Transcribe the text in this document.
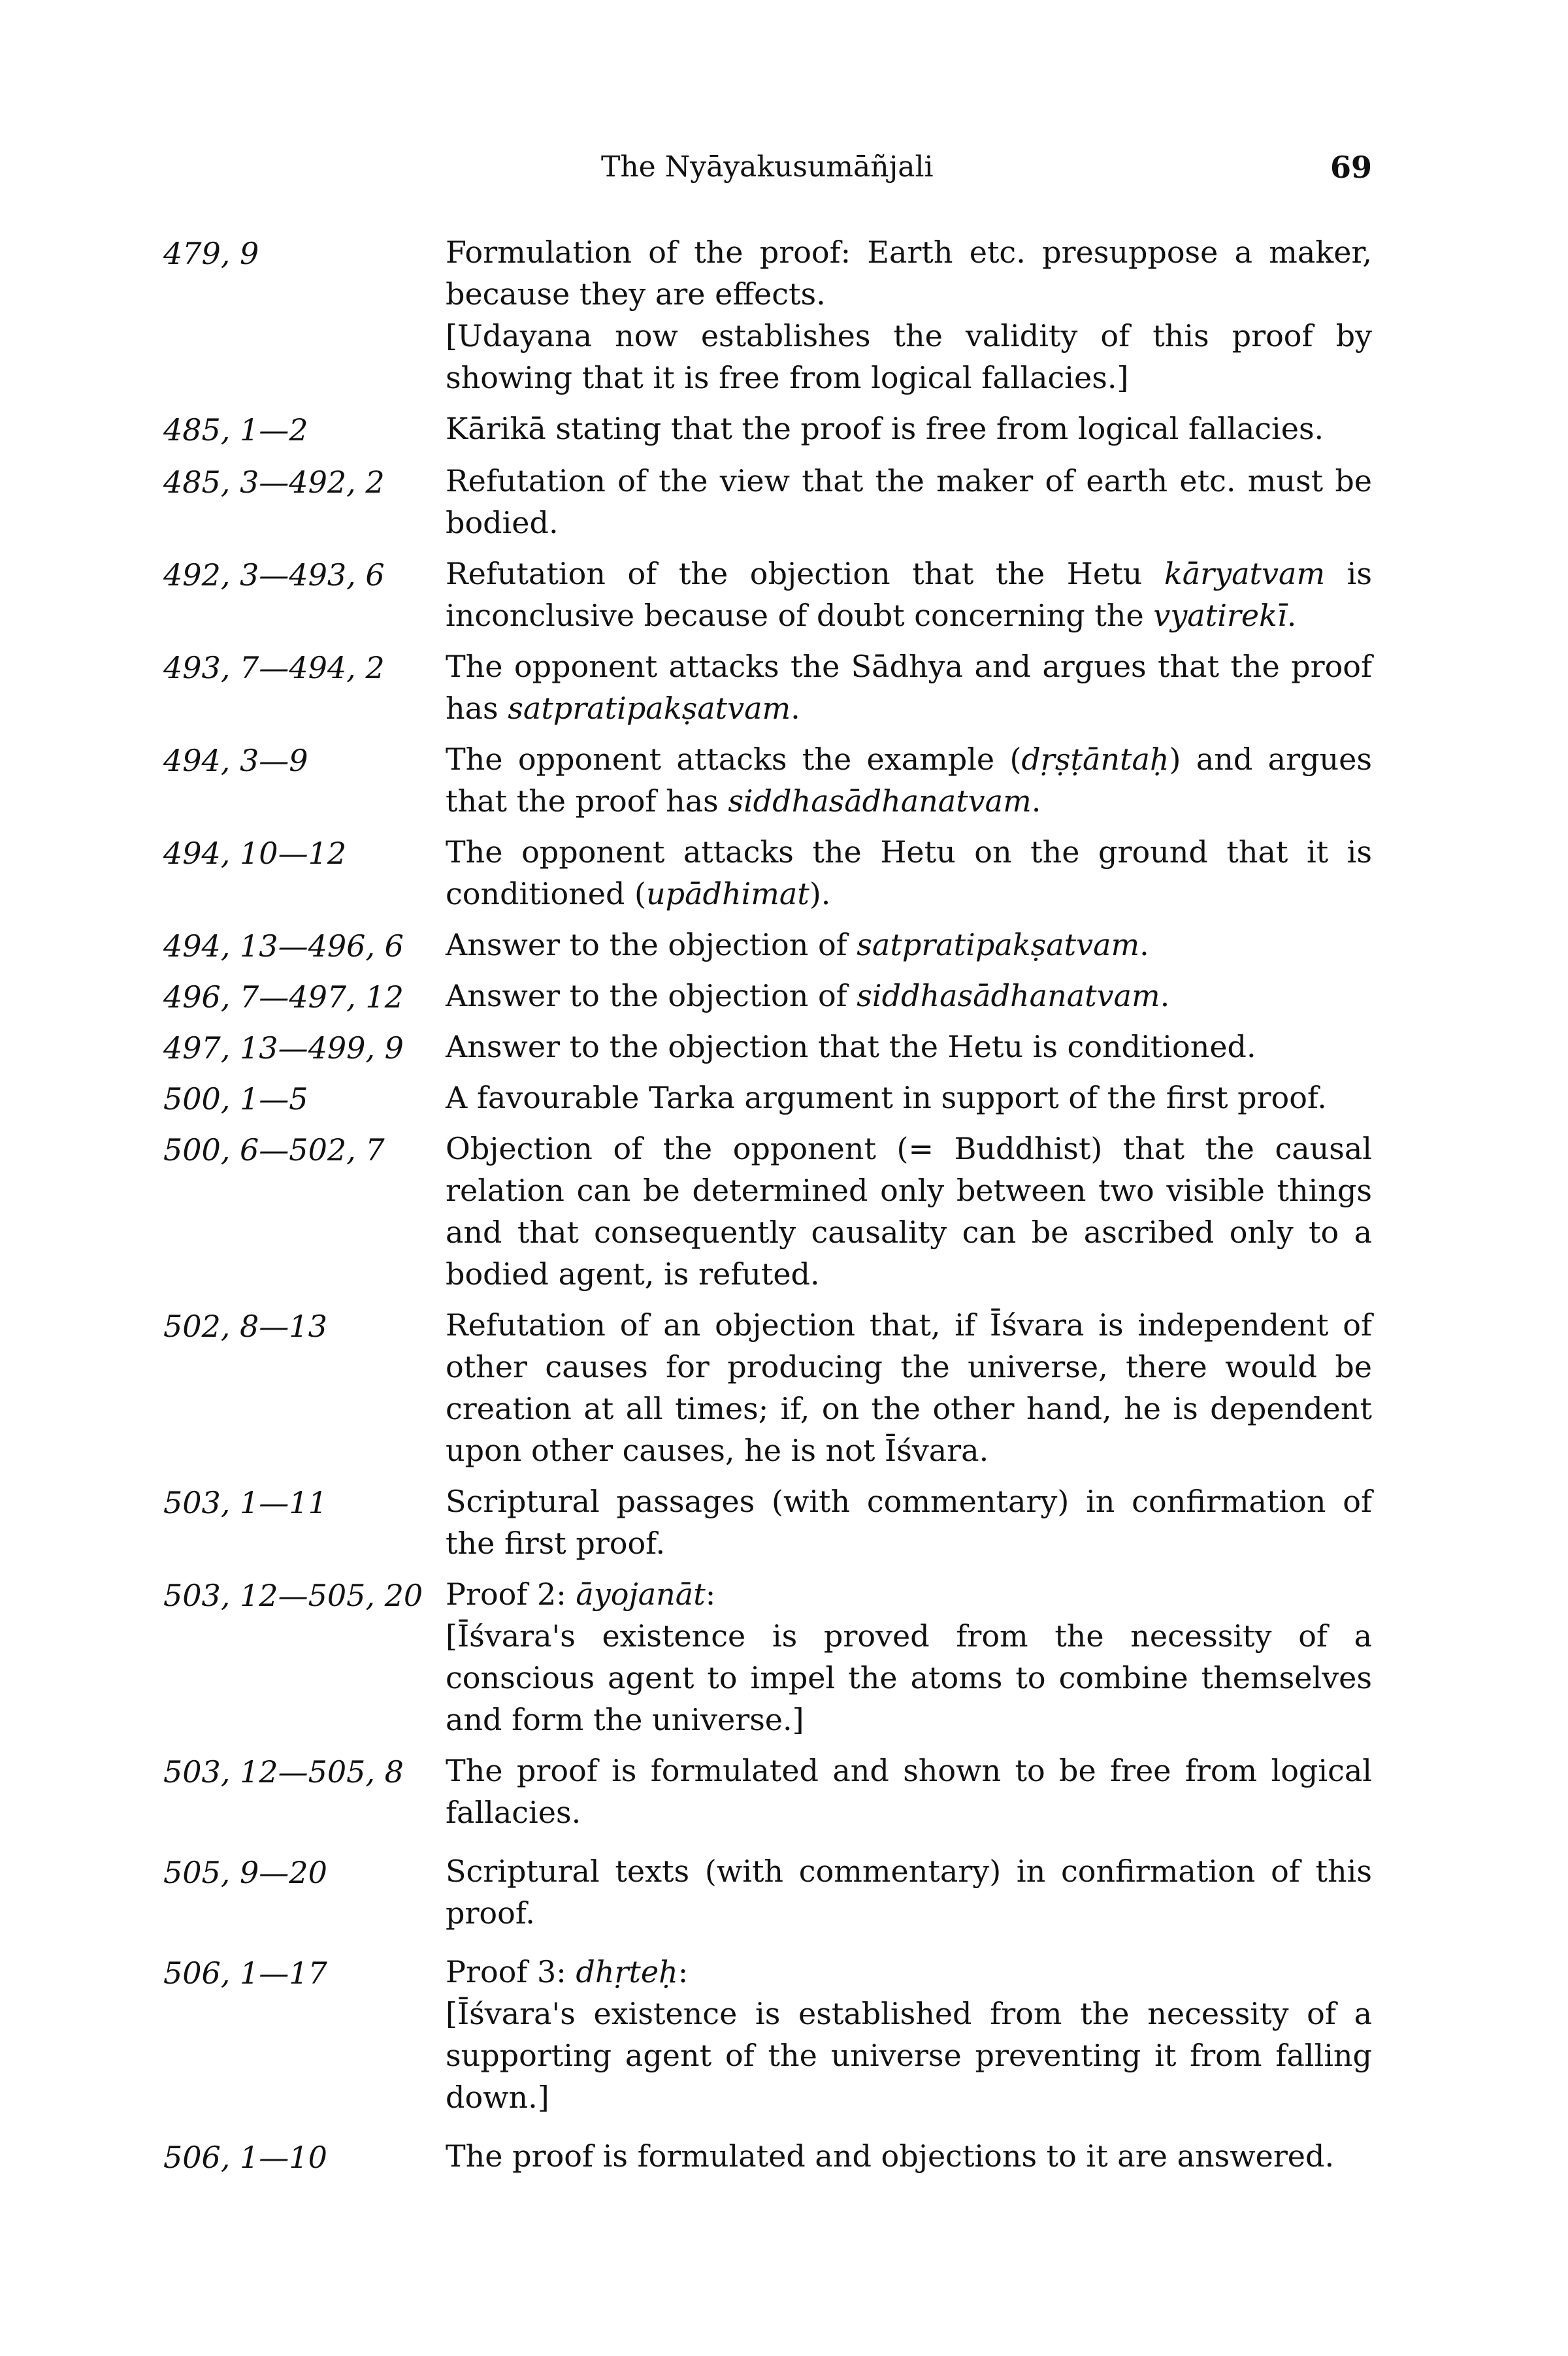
The Nyāyakusumāñjali	69
479, 9	Formulation of the proof: Earth etc. presuppose a maker, because they are effects.

[Udayana now establishes the validity of this proof by showing that it is free from logical fallacies.]

485, 1—2	Kārikā stating that the proof is free from logical fallacies.
485, 3—492, 2	Refutation of the view that the maker of earth etc. must be bodied.
492, 3—493, 6	Refutation of the objection that the Hetu kāryatvam is inconclusive because of doubt concerning the vyatirekī.
493, 7—494, 2	The opponent attacks the Sādhya and argues that the proof has satpratipakṣatvam.
494, 3—9	The opponent attacks the example (dṛṣṭāntaḥ) and argues that the proof has siddhasādhanatvam.
494, 10—12	The opponent attacks the Hetu on the ground that it is conditioned (upādhimat).
494, 13—496, 6	Answer to the objection of satpratipakṣatvam.
496, 7—497, 12	Answer to the objection of siddhasādhanatvam.
497, 13—499, 9	Answer to the objection that the Hetu is conditioned.
500, 1—5	A favourable Tarka argument in support of the first proof.
500, 6—502, 7	Objection of the opponent (= Buddhist) that the causal relation can be determined only between two visible things and that consequently causality can be ascribed only to a bodied agent, is refuted.
502, 8—13	Refutation of an objection that, if Īśvara is independent of other causes for producing the universe, there would be creation at all times; if, on the other hand, he is dependent upon other causes, he is not Īśvara.
503, 1—11	Scriptural passages (with commentary) in confirmation of the first proof.
503, 12—505, 20 Proof 2: āyojanāt:

[Īśvara's existence is proved from the necessity of a conscious agent to impel the atoms to combine themselves and form the universe.]

503, 12—505, 8	The proof is formulated and shown to be free from logical fallacies.
505, 9—20	Scriptural texts (with commentary) in confirmation of this proof.
506, 1—17	Proof 3: dhṛteḥ:

[Īśvara's existence is established from the necessity of a supporting agent of the universe preventing it from falling down.]

506, 1—10	The proof is formulated and objections to it are answered.
